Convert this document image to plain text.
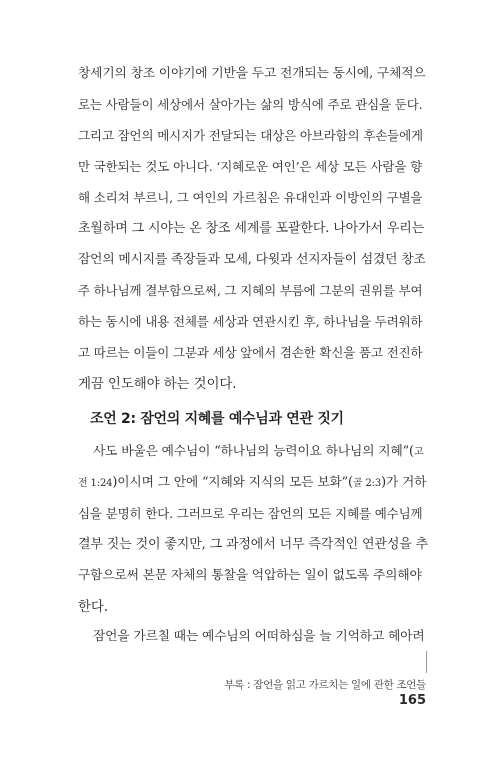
창세기의 창조 이야기에 기반을 두고 전개되는 동시에, 구체적으

로는 사람들이 세상에서 살아가는 삶의 방식에 주로 관심을 둔다.

그리고 잠언의 메시지가 전달되는 대상은 아브라함의 후손들에게

만 국한되는 것도 아니다. ‘지혜로운 여인’은 세상 모든 사람을 향

해 소리쳐 부르니, 그 여인의 가르침은 유대인과 이방인의 구별을

초월하며 그 시야는 온 창조 세계를 포괄한다. 나아가서 우리는

잠언의 메시지를 족장들과 모세, 다윗과 선지자들이 섬겼던 창조

주 하나님께 결부함으로써, 그 지혜의 부름에 그분의 권위를 부여

하는 동시에 내용 전체를 세상과 연관시킨 후, 하나님을 두려워하

고 따르는 이들이 그분과 세상 앞에서 겸손한 확신을 품고 전진하

게끔 인도해야 하는 것이다.

조언 2: 잠언의 지혜를 예수님과 연관 짓기

사도 바울은 예수님이 “하나님의 능력이요 하나님의 지혜”(고

전 1:24)이시며 그 안에 “지혜와 지식의 모든 보화”(골 2:3)가 거하

심을 분명히 한다. 그러므로 우리는 잠언의 모든 지혜를 예수님께

결부 짓는 것이 좋지만, 그 과정에서 너무 즉각적인 연관성을 추

구함으로써 본문 자체의 통찰을 억압하는 일이 없도록 주의해야

한다.

잠언을 가르칠 때는 예수님의 어떠하심을 늘 기억하고 헤아려

부록 : 잠언을 읽고 가르치는 일에 관한 조언들

165
